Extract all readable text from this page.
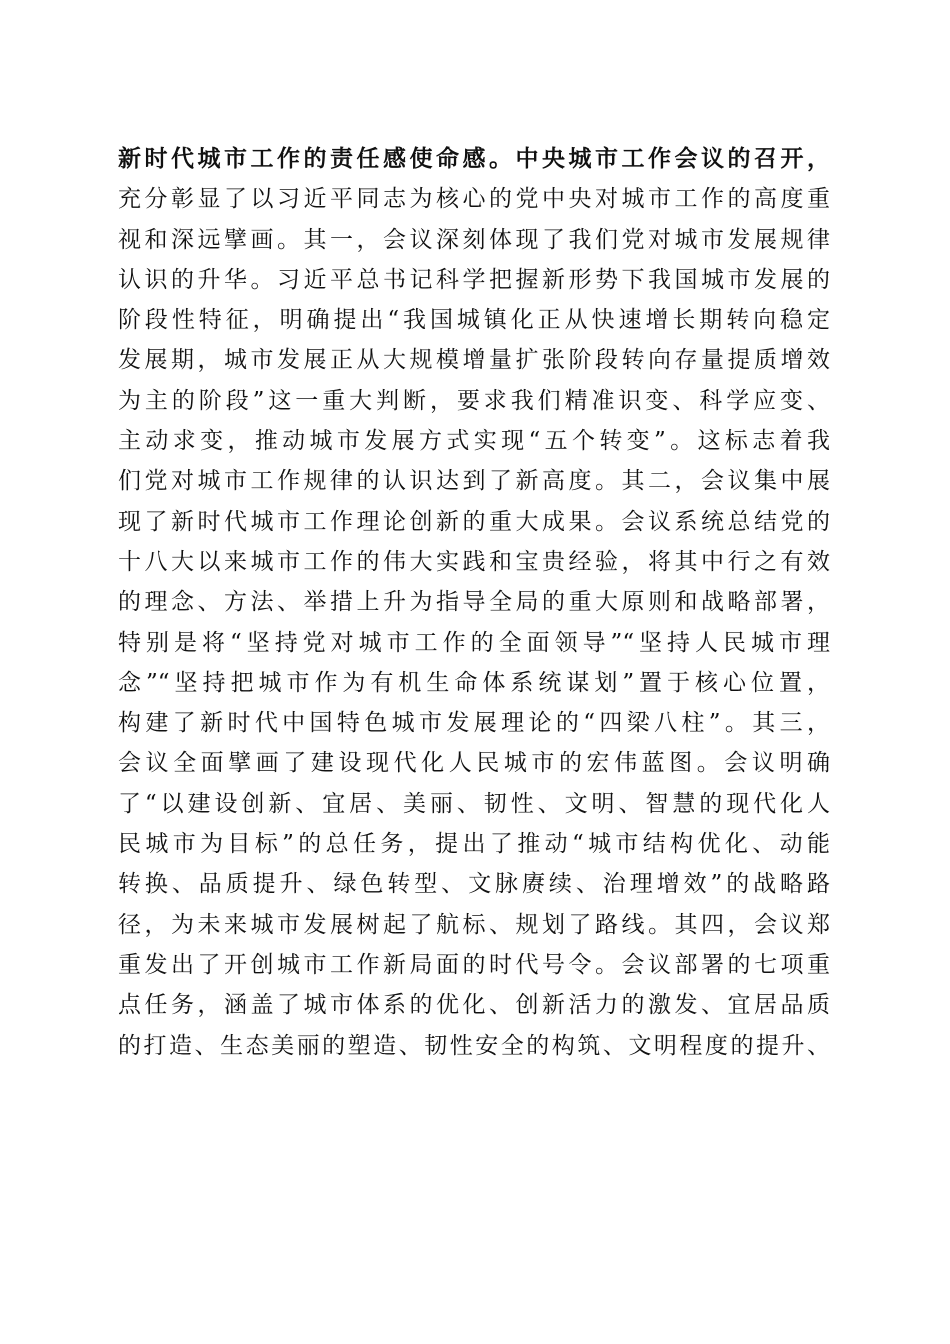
新时代城市工作的责任感使命感。中央城市工作会议的召开，
充分彰显了以习近平同志为核心的党中央对城市工作的高度重
视和深远擘画。其一，会议深刻体现了我们党对城市发展规律
认识的升华。习近平总书记科学把握新形势下我国城市发展的
阶段性特征，明确提出“我国城镇化正从快速增长期转向稳定
发展期，城市发展正从大规模增量扩张阶段转向存量提质增效
为主的阶段”这一重大判断，要求我们精准识变、科学应变、
主动求变，推动城市发展方式实现“五个转变”。这标志着我
们党对城市工作规律的认识达到了新高度。其二，会议集中展
现了新时代城市工作理论创新的重大成果。会议系统总结党的
十八大以来城市工作的伟大实践和宝贵经验，将其中行之有效
的理念、方法、举措上升为指导全局的重大原则和战略部署，
特别是将“坚持党对城市工作的全面领导”“坚持人民城市理
念”“坚持把城市作为有机生命体系统谋划”置于核心位置，
构建了新时代中国特色城市发展理论的“四梁八柱”。其三，
会议全面擘画了建设现代化人民城市的宏伟蓝图。会议明确
了“以建设创新、宜居、美丽、韧性、文明、智慧的现代化人
民城市为目标”的总任务，提出了推动“城市结构优化、动能
转换、品质提升、绿色转型、文脉赓续、治理增效”的战略路
径，为未来城市发展树起了航标、规划了路线。其四，会议郑
重发出了开创城市工作新局面的时代号令。会议部署的七项重
点任务，涵盖了城市体系的优化、创新活力的激发、宜居品质
的打造、生态美丽的塑造、韧性安全的构筑、文明程度的提升、
